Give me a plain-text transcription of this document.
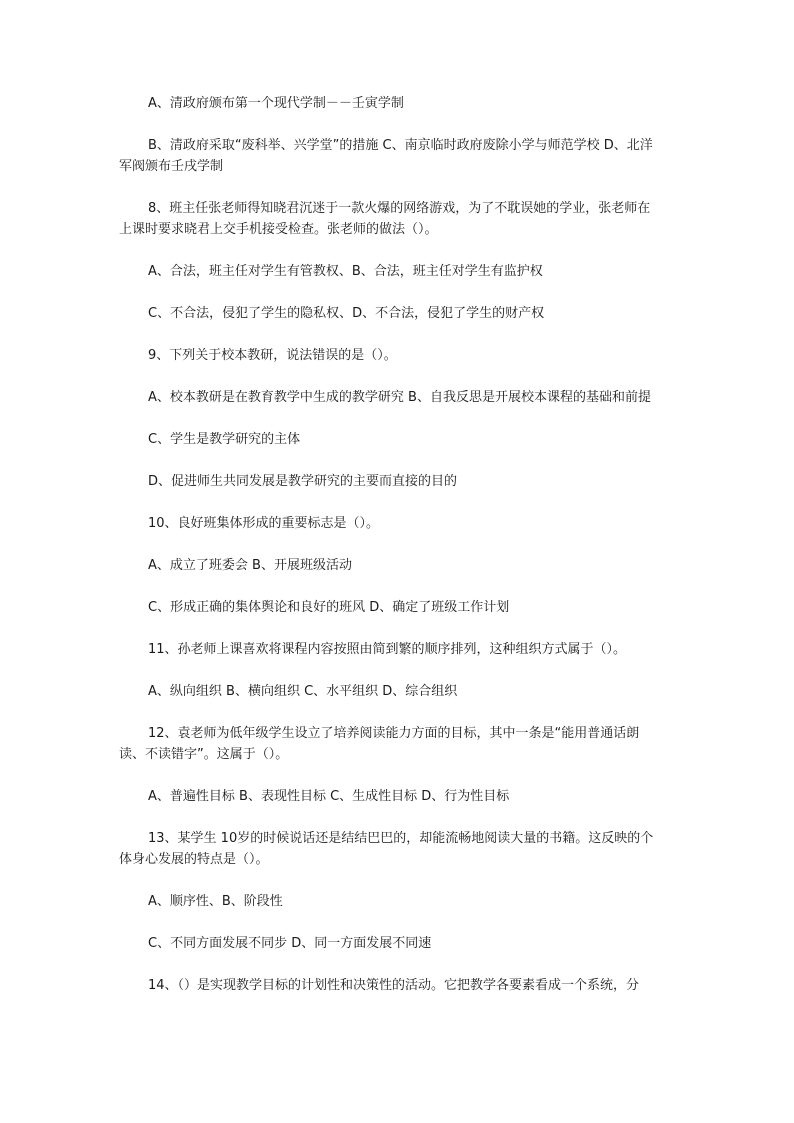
A、清政府颁布第一个现代学制－－壬寅学制

B、清政府采取“废科举、兴学堂”的措施 C、南京临时政府废除小学与师范学校 D、北洋军阀颁布壬戌学制

8、班主任张老师得知晓君沉迷于一款火爆的网络游戏，为了不耽误她的学业，张老师在上课时要求晓君上交手机接受检查。张老师的做法（）。

A、合法，班主任对学生有管教权、B、合法，班主任对学生有监护权

C、不合法，侵犯了学生的隐私权、D、不合法，侵犯了学生的财产权

9、下列关于校本教研，说法错误的是（）。

A、校本教研是在教育教学中生成的教学研究 B、自我反思是开展校本课程的基础和前提

C、学生是教学研究的主体

D、促进师生共同发展是教学研究的主要而直接的目的

10、良好班集体形成的重要标志是（）。

A、成立了班委会 B、开展班级活动

C、形成正确的集体舆论和良好的班风 D、确定了班级工作计划

11、孙老师上课喜欢将课程内容按照由简到繁的顺序排列，这种组织方式属于（）。

A、纵向组织 B、横向组织 C、水平组织 D、综合组织

12、袁老师为低年级学生设立了培养阅读能力方面的目标，其中一条是“能用普通话朗读、不读错字”。这属于（）。

A、普遍性目标 B、表现性目标 C、生成性目标 D、行为性目标

13、某学生 10岁的时候说话还是结结巴巴的，却能流畅地阅读大量的书籍。这反映的个体身心发展的特点是（）。

A、顺序性、B、阶段性

C、不同方面发展不同步 D、同一方面发展不同速

14、（）是实现教学目标的计划性和决策性的活动。它把教学各要素看成一个系统，分
